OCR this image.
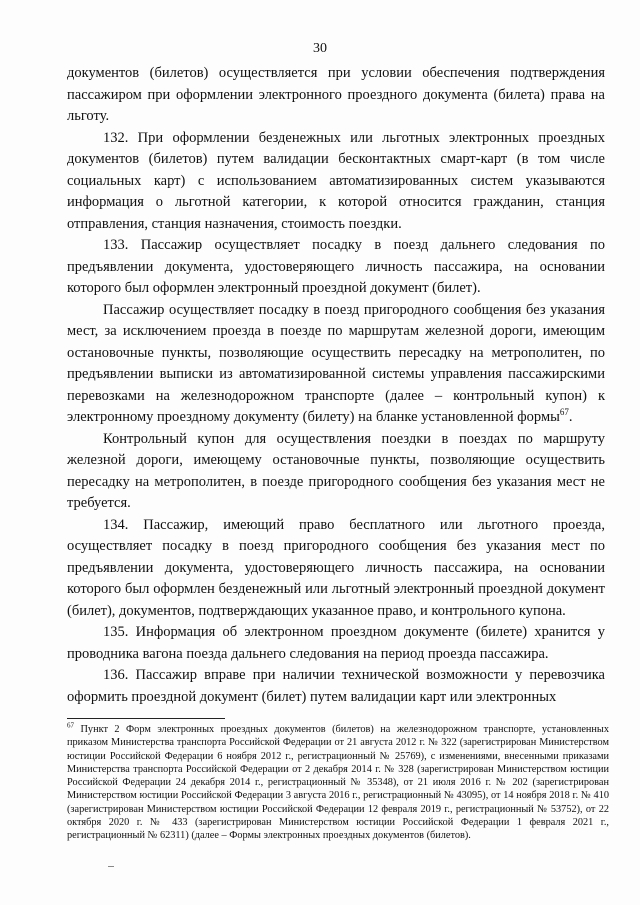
30

документов (билетов) осуществляется при условии обеспечения подтверждения пассажиром при оформлении электронного проездного документа (билета) права на льготу.

132. При оформлении безденежных или льготных электронных проездных документов (билетов) путем валидации бесконтактных смарт-карт (в том числе социальных карт) с использованием автоматизированных систем указываются информация о льготной категории, к которой относится гражданин, станция отправления, станция назначения, стоимость поездки.

133. Пассажир осуществляет посадку в поезд дальнего следования по предъявлении документа, удостоверяющего личность пассажира, на основании которого был оформлен электронный проездной документ (билет).

Пассажир осуществляет посадку в поезд пригородного сообщения без указания мест, за исключением проезда в поезде по маршрутам железной дороги, имеющим остановочные пункты, позволяющие осуществить пересадку на метрополитен, по предъявлении выписки из автоматизированной системы управления пассажирскими перевозками на железнодорожном транспорте (далее – контрольный купон) к электронному проездному документу (билету) на бланке установленной формы$^{67}$.

Контрольный купон для осуществления поездки в поездах по маршруту железной дороги, имеющему остановочные пункты, позволяющие осуществить пересадку на метрополитен, в поезде пригородного сообщения без указания мест не требуется.

134. Пассажир, имеющий право бесплатного или льготного проезда, осуществляет посадку в поезд пригородного сообщения без указания мест по предъявлении документа, удостоверяющего личность пассажира, на основании которого был оформлен безденежный или льготный электронный проездной документ (билет), документов, подтверждающих указанное право, и контрольного купона.

135. Информация об электронном проездном документе (билете) хранится у проводника вагона поезда дальнего следования на период проезда пассажира.

136. Пассажир вправе при наличии технической возможности у перевозчика оформить проездной документ (билет) путем валидации карт или электронных

$^{67}$ Пункт 2 Форм электронных проездных документов (билетов) на железнодорожном транспорте, установленных приказом Министерства транспорта Российской Федерации от 21 августа 2012 г. № 322 (зарегистрирован Министерством юстиции Российской Федерации 6 ноября 2012 г., регистрационный № 25769), с изменениями, внесенными приказами Министерства транспорта Российской Федерации от 2 декабря 2014 г. № 328 (зарегистрирован Министерством юстиции Российской Федерации 24 декабря 2014 г., регистрационный № 35348), от 21 июля 2016 г. № 202 (зарегистрирован Министерством юстиции Российской Федерации 3 августа 2016 г., регистрационный № 43095), от 14 ноября 2018 г. № 410 (зарегистрирован Министерством юстиции Российской Федерации 12 февраля 2019 г., регистрационный № 53752), от 22 октября 2020 г. № 433 (зарегистрирован Министерством юстиции Российской Федерации 1 февраля 2021 г., регистрационный № 62311) (далее – Формы электронных проездных документов (билетов).
